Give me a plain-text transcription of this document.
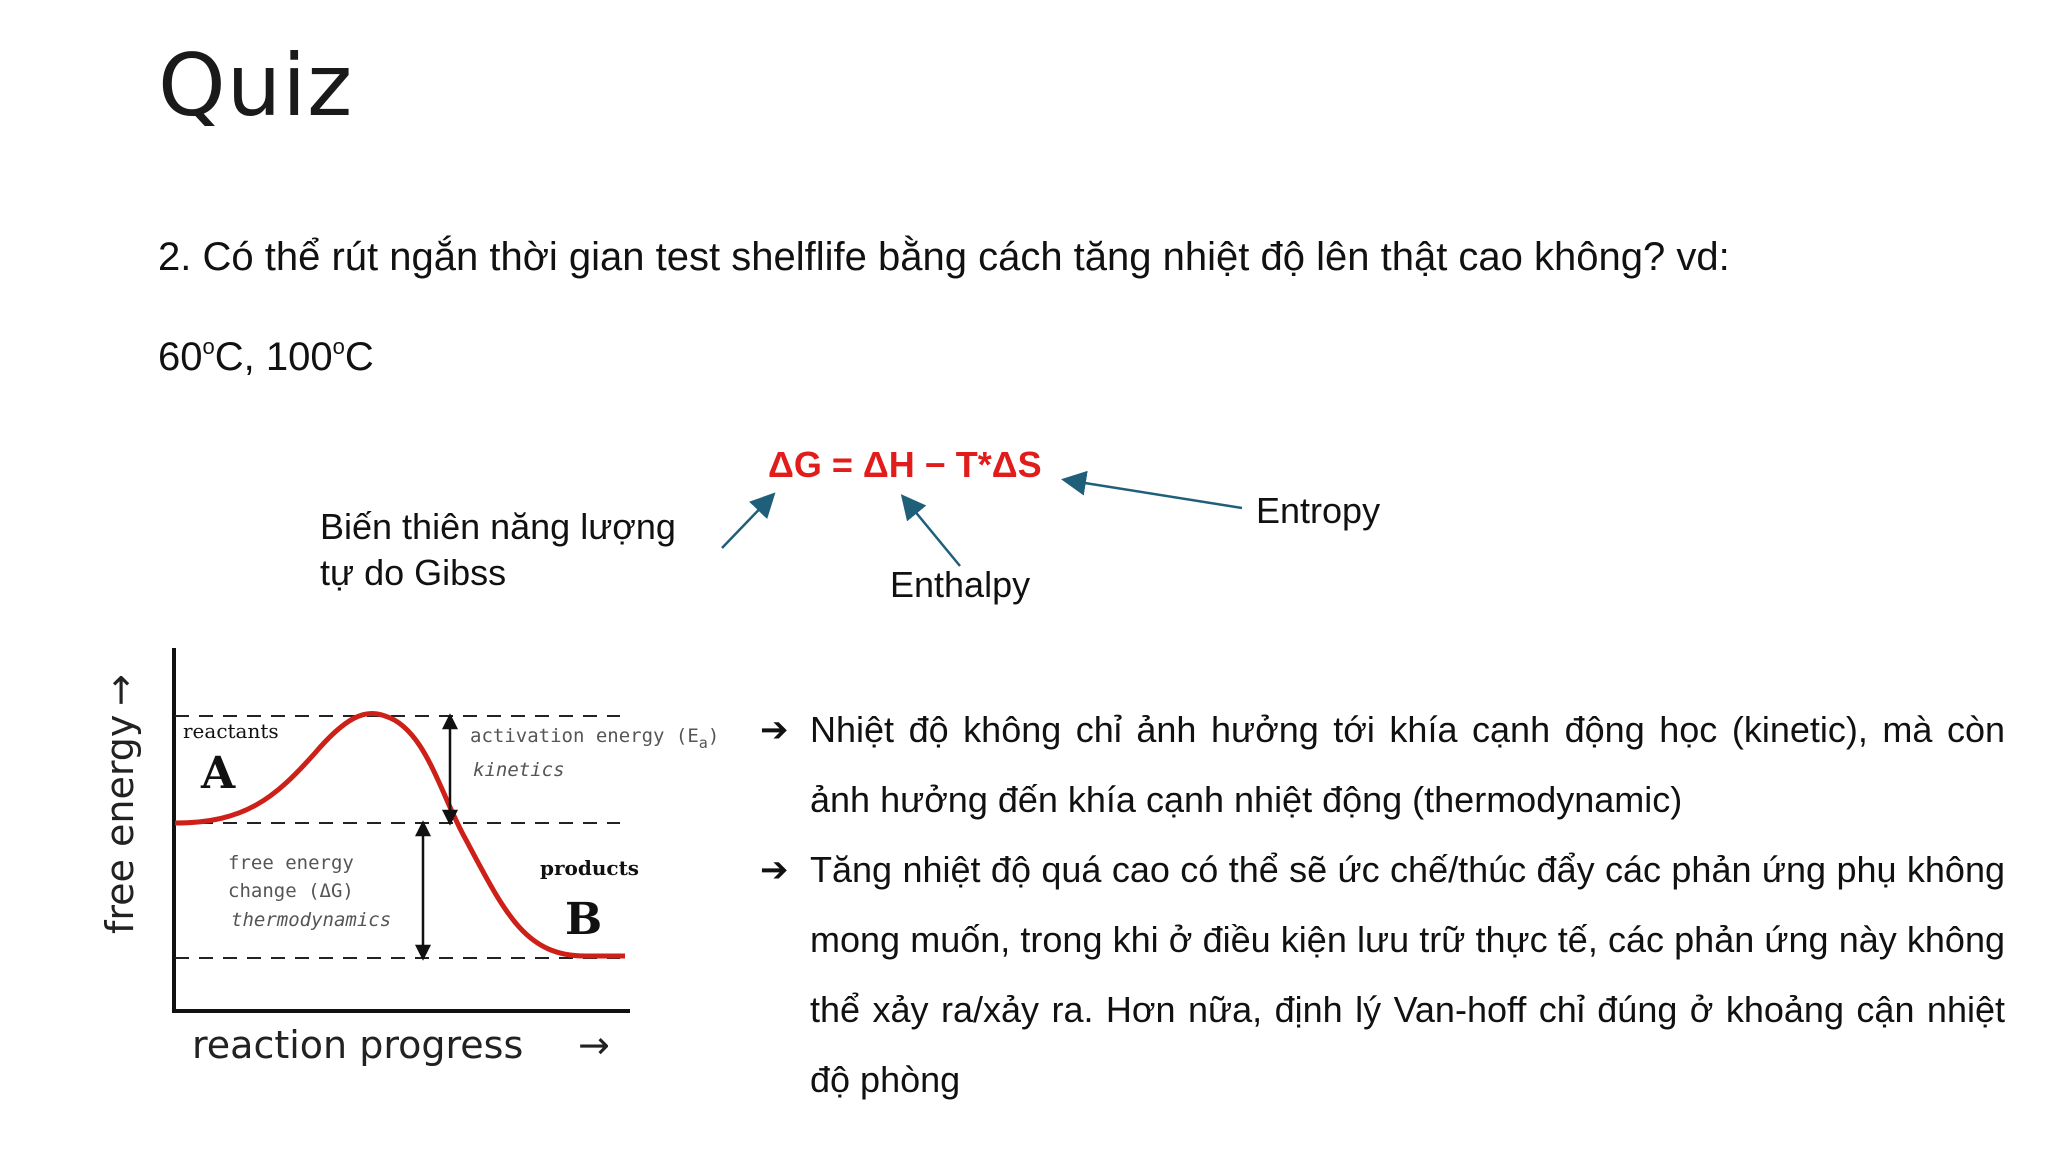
Quiz
2. Có thể rút ngắn thời gian test shelflife bằng cách tăng nhiệt độ lên thật cao không? vd:
60$^o$C, 100$^o$C
ΔG = ΔH − T*ΔS
Biến thiên năng lượng
tự do Gibss	Enthalpy
Entropy
free energy
→
reaction progress →
reactants
A
products
B
activation energy $(E_a)$
kinetics
free energy
change (ΔG)
thermodynamics
➔ Nhiệt độ không chỉ ảnh hưởng tới khía cạnh động học (kinetic), mà còn ảnh hưởng đến khía cạnh nhiệt động (thermodynamic)
➔ Tăng nhiệt độ quá cao có thể sẽ ức chế/thúc đẩy các phản ứng phụ không mong muốn, trong khi ở điều kiện lưu trữ thực tế, các phản ứng này không thể xảy ra/xảy ra. Hơn nữa, định lý Van-hoff chỉ đúng ở khoảng cận nhiệt độ phòng
